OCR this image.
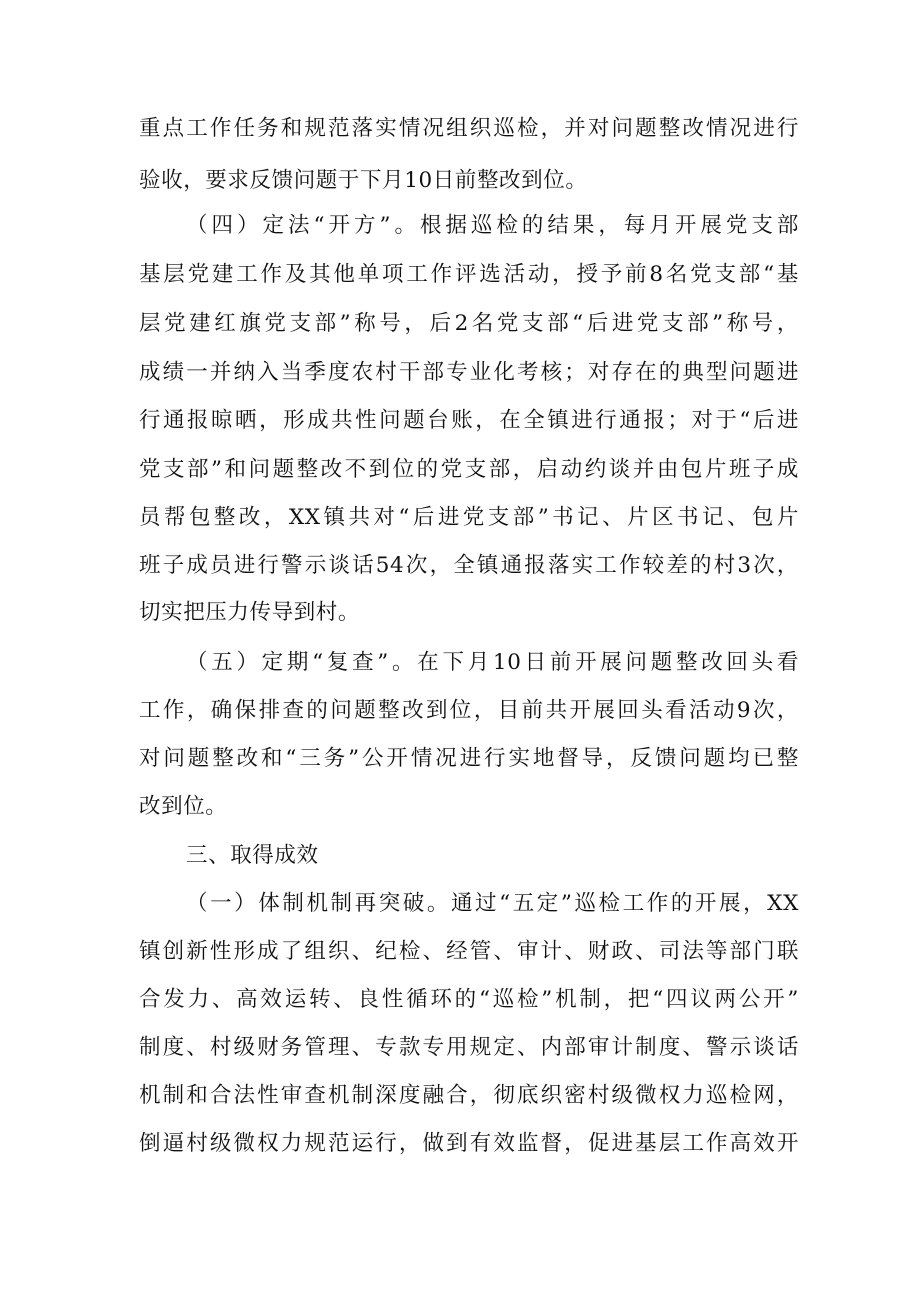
重点工作任务和规范落实情况组织巡检，并对问题整改情况进行
验收，要求反馈问题于下月10日前整改到位。
（四）定法“开方”。根据巡检的结果，每月开展党支部
基层党建工作及其他单项工作评选活动，授予前8名党支部“基
层党建红旗党支部”称号，后2名党支部“后进党支部”称号，
成绩一并纳入当季度农村干部专业化考核；对存在的典型问题进
行通报晾晒，形成共性问题台账，在全镇进行通报；对于“后进
党支部”和问题整改不到位的党支部，启动约谈并由包片班子成
员帮包整改，XX镇共对“后进党支部”书记、片区书记、包片
班子成员进行警示谈话54次，全镇通报落实工作较差的村3次，
切实把压力传导到村。
（五）定期“复查”。在下月10日前开展问题整改回头看
工作，确保排查的问题整改到位，目前共开展回头看活动9次，
对问题整改和“三务”公开情况进行实地督导，反馈问题均已整
改到位。
三、取得成效
（一）体制机制再突破。通过“五定”巡检工作的开展，XX
镇创新性形成了组织、纪检、经管、审计、财政、司法等部门联
合发力、高效运转、良性循环的“巡检”机制，把“四议两公开”
制度、村级财务管理、专款专用规定、内部审计制度、警示谈话
机制和合法性审查机制深度融合，彻底织密村级微权力巡检网，
倒逼村级微权力规范运行，做到有效监督，促进基层工作高效开
